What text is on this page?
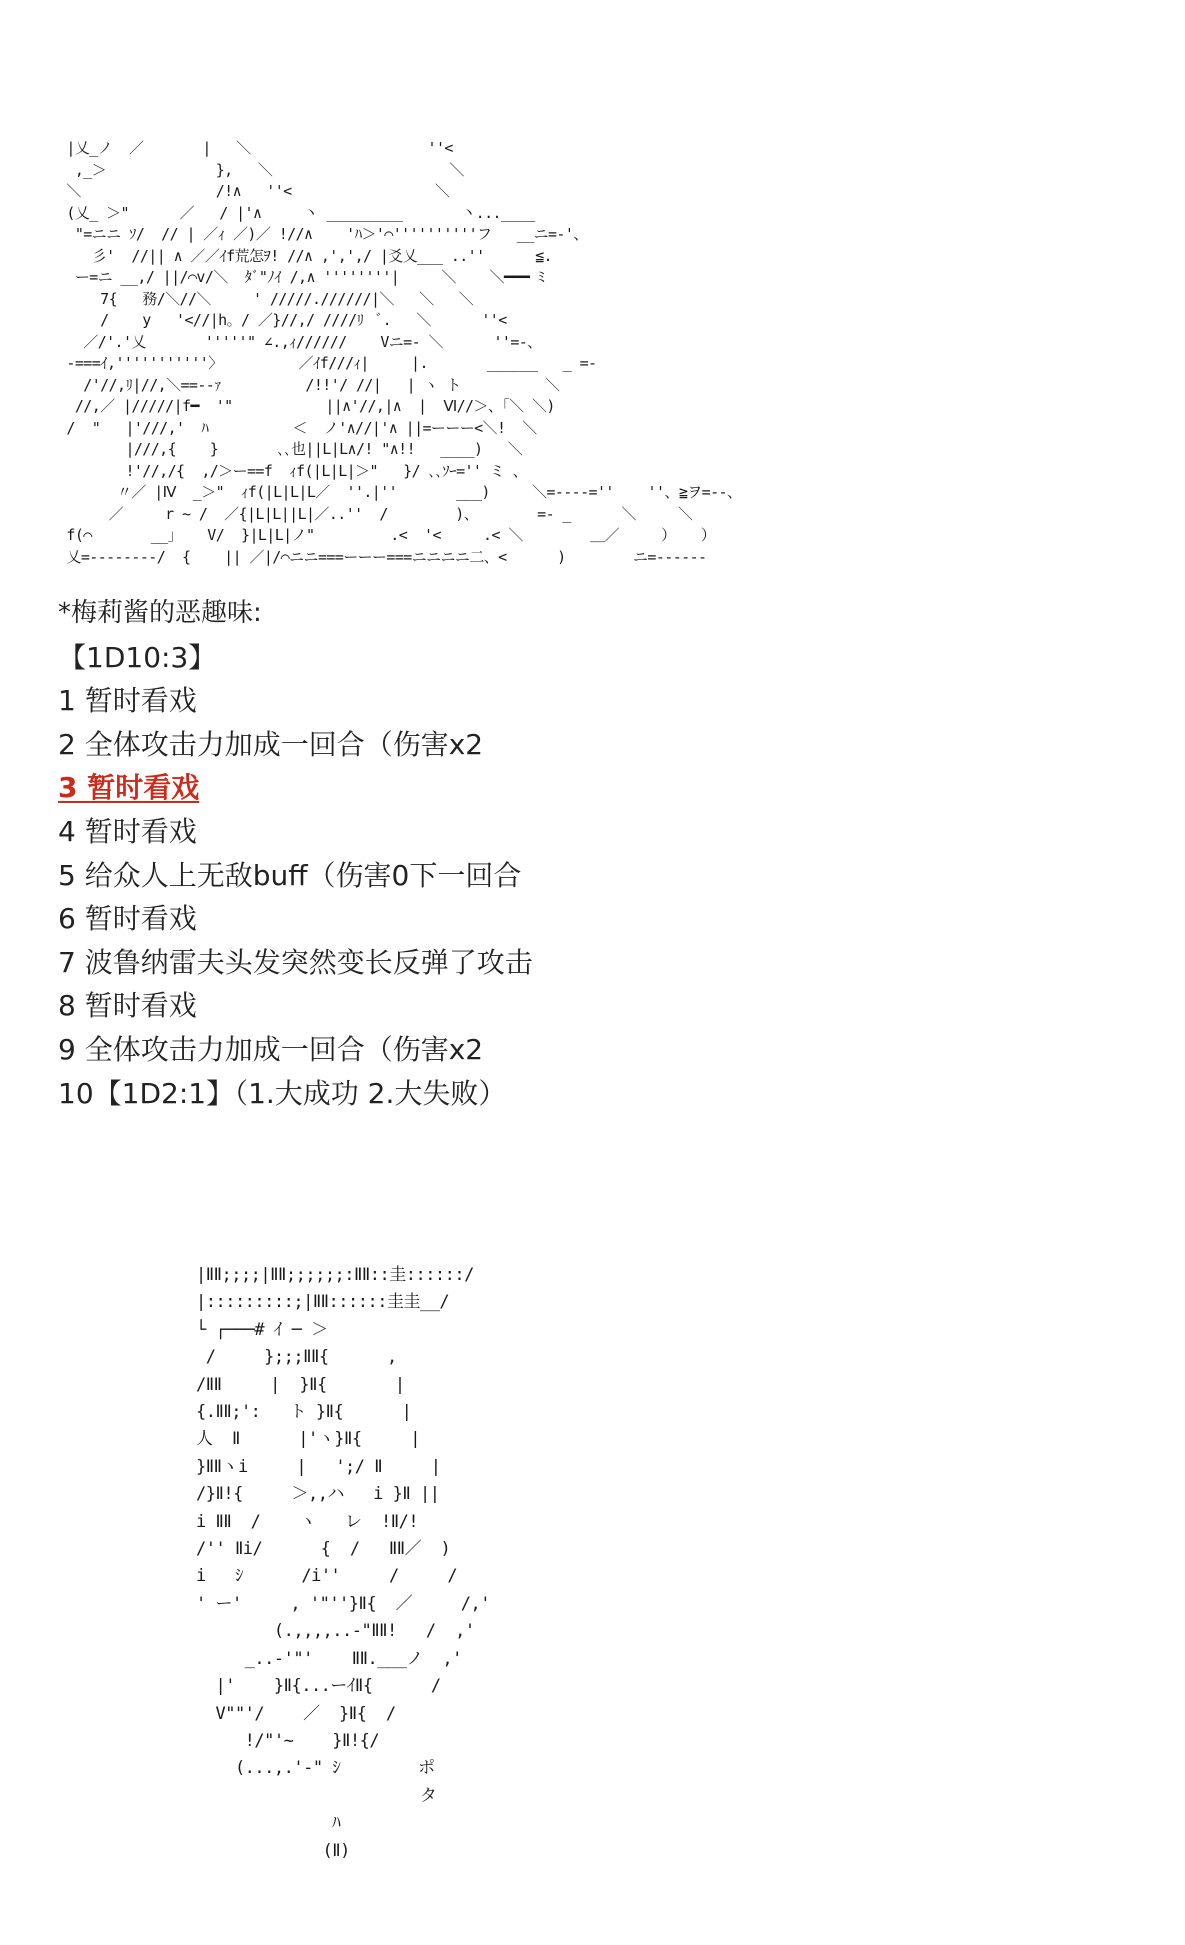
|乂_ノ  ／       |   ＼                     ''<
,_＞             },   ＼                     ＼
＼                /!∧   ''<                 ＼
(乂_ ＞"      ／   / |'∧     丶 _________       丶...____
"=ニニ ｿ/  // | ／ｨ ／)／ !//∧    'ﾊ＞'⌒''''''''''フ   __ニ=-'、
彡'  //|| ∧ ／／ｲf荒怎ｦ! //∧ ,',',/ |爻乂___ ..''      ≦.
ー=ニ __,/ ||/⌒v/＼  ﾀﾞ"ﾉｲ /,∧ ''''''''|     ＼    ＼━━━ ﾐ
7{   務/＼//＼     ' /////.//////|＼   ＼   ＼
/    y   '<//|h。/ ／}//,/ ////ﾘ  ﾞ.   ＼      ''<
／/'.'乂       '''''" ∠.,ｨ//////    Vニ=- ＼      ''=-、
-===ｲ,'''''''''''〉         ／ｲf///ｨ|     |.       ______   _ =-
/'//,ﾘ|//,＼==--ｧ          /!!'/ //|   | ヽ ト          ＼
//,／ |/////|f━  '"           ||∧'//,|∧  |  Ⅵ//＞、「＼ ＼)
/  "   |'///,'  ﾊ          ＜  ノ'∧//|'∧ ||=ーーー<＼!  ＼
|///,{    }       ､､也||L|L∧/! "∧!!   ____)   ＼
!'//,/{  ,/＞ー==f  ｨf(|L|L|＞"   }/ ､､ｿｰ='' ミ 、
〃／ |Ⅳ  _＞"  ｨf(|L|L|L／  ''.|''       ___)     ＼=----=''    ''、≧ヲ=--、
／     r ~ /  ／{|L|L||L|／..''  /        )、       =- _      ＼     ＼
f(⌒       __」   V/  }|L|L|ノ"         .<  '<     .< ＼        ＿／     ）   ）
乂=--------/  {    || ／|/⌒ニニ===ーーー===ニニニニ二、<      )        ニ=------
*梅莉酱的恶趣味:
【1D10:3】
1 暂时看戏
2 全体攻击力加成一回合（伤害x2
3 暂时看戏
4 暂时看戏
5 给众人上无敌buff（伤害0下一回合
6 暂时看戏
7 波鲁纳雷夫头发突然变长反弹了攻击
8 暂时看戏
9 全体攻击力加成一回合（伤害x2
10【1D2:1】（1.大成功 2.大失败）
|ⅡⅡ;;;;|ⅡⅡ;;;;;;:ⅡⅡ::圭::::::/
|:::::::::;|ⅡⅡ::::::圭圭__/
└ ┌───# ｲ ─ ＞
/     };;;ⅡⅡ{      ,
/ⅡⅡ     |  }Ⅱ{       |
{.ⅡⅡ;':   ト }Ⅱ{      |
人  Ⅱ      |'ヽ}Ⅱ{     |
}ⅡⅡヽi     |   ';/ Ⅱ     |
/}Ⅱ!{     ＞,,ハ   i }Ⅱ ||
i ⅡⅡ  /    ヽ   レ  !Ⅱ/!
/'' Ⅱi/      {  /   ⅡⅡ／  )
i   ｼ      /i''     /     /
' ー'     , '"''}Ⅱ{  ／     /,'
(.,,,,..-"ⅡⅡ!   /  ,'
_..-'"'    ⅡⅡ.___ノ  ,'
|'    }Ⅱ{...ーｲⅡ{      /
V""'/    ／  }Ⅱ{  /
!/"'~    }Ⅱ!{/
(...,.'-" ｼ        ポ
タ
ﾊ
(Ⅱ)
